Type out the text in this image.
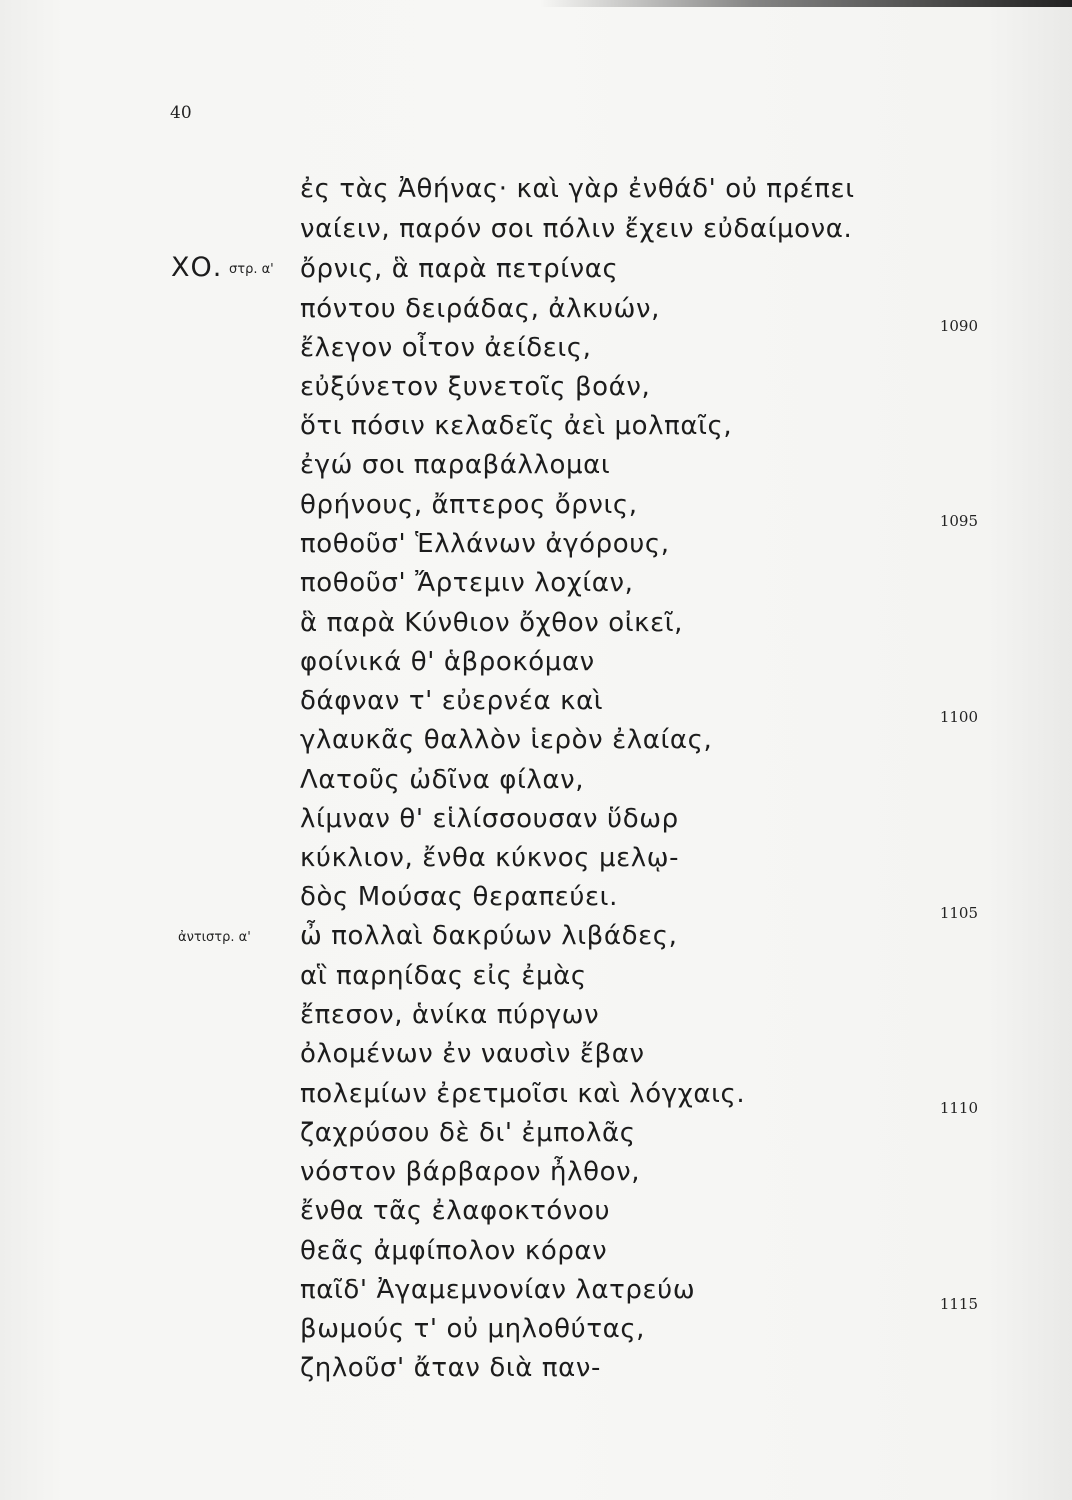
40
ἐς τὰς Ἀθήνας· καὶ γὰρ ἐνθάδ' οὐ πρέπει
ναίειν, παρόν σοι πόλιν ἔχειν εὐδαίμονα.
ΧΟ. στρ. α' ὄρνις, ἃ παρὰ πετρίνας
πόντου δειράδας, ἀλκυών,
ἔλεγον οἶτον ἀείδεις,
εὐξύνετον ξυνετοῖς βοάν,
ὅτι πόσιν κελαδεῖς ἀεὶ μολπαῖς,
ἐγώ σοι παραβάλλομαι
θρήνους, ἄπτερος ὄρνις,
ποθοῦσ' Ἑλλάνων ἀγόρους,
ποθοῦσ' Ἄρτεμιν λοχίαν,
ἃ παρὰ Κύνθιον ὄχθον οἰκεῖ,
φοίνικά θ' ἁβροκόμαν
δάφναν τ' εὐερνέα καὶ
γλαυκᾶς θαλλὸν ἱερὸν ἐλαίας,
Λατοῦς ὠδῖνα φίλαν,
λίμναν θ' εἱλίσσουσαν ὕδωρ
κύκλιον, ἔνθα κύκνος μελῳ-
δὸς Μούσας θεραπεύει.
ἀντιστρ. α' ὦ πολλαὶ δακρύων λιβάδες,
αἳ παρηίδας εἰς ἐμὰς
ἔπεσον, ἁνίκα πύργων
ὀλομένων ἐν ναυσὶν ἔβαν
πολεμίων ἐρετμοῖσι καὶ λόγχαις.
ζαχρύσου δὲ δι' ἐμπολᾶς
νόστον βάρβαρον ἦλθον,
ἔνθα τᾶς ἐλαφοκτόνου
θεᾶς ἀμφίπολον κόραν
παῖδ' Ἀγαμεμνονίαν λατρεύω
βωμούς τ' οὐ μηλοθύτας,
ζηλοῦσ' ἄταν διὰ παν-
1090
1095
1100
1105
1110
1115
